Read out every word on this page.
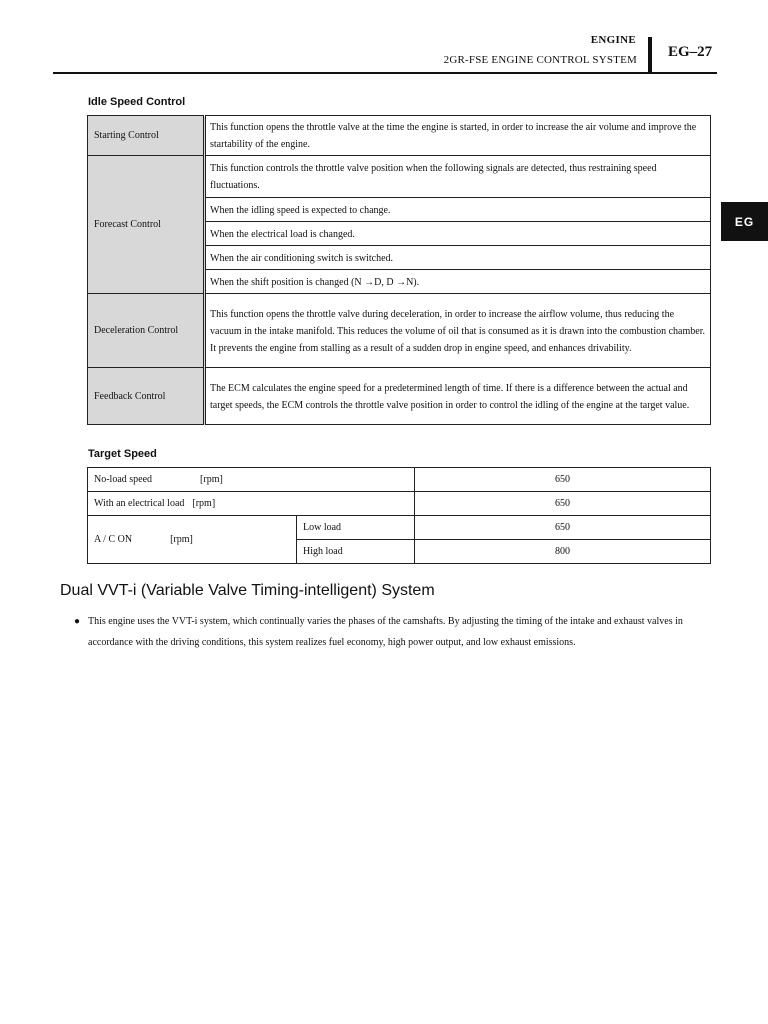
ENGINE
2GR-FSE ENGINE CONTROL SYSTEM EG–27
EG
Idle Speed Control
Starting Control	This function opens the throttle valve at the time the engine is started, in order to increase the air volume and improve the startability of the engine.
Forecast Control	This function controls the throttle valve position when the following signals are detected, thus restraining speed fluctuations.
	When the idling speed is expected to change.
	When the electrical load is changed.
	When the air conditioning switch is switched.
	When the shift position is changed (N →D, D →N).
Deceleration Control	This function opens the throttle valve during deceleration, in order to increase the airflow volume, thus reducing the vacuum in the intake manifold. This reduces the volume of oil that is consumed as it is drawn into the combustion chamber. It prevents the engine from stalling as a result of a sudden drop in engine speed, and enhances drivability.
Feedback Control	The ECM calculates the engine speed for a predetermined length of time. If there is a difference between the actual and target speeds, the ECM controls the throttle valve position in order to control the idling of the engine at the target value.
Target Speed
No-load speed [rpm]		650
With an electrical load [rpm]		650
A / C ON [rpm]	Low load	650
	High load	800
Dual VVT-i (Variable Valve Timing-intelligent) System
● This engine uses the VVT-i system, which continually varies the phases of the camshafts. By adjusting the timing of the intake and exhaust valves in accordance with the driving conditions, this system realizes fuel economy, high power output, and low exhaust emissions.
